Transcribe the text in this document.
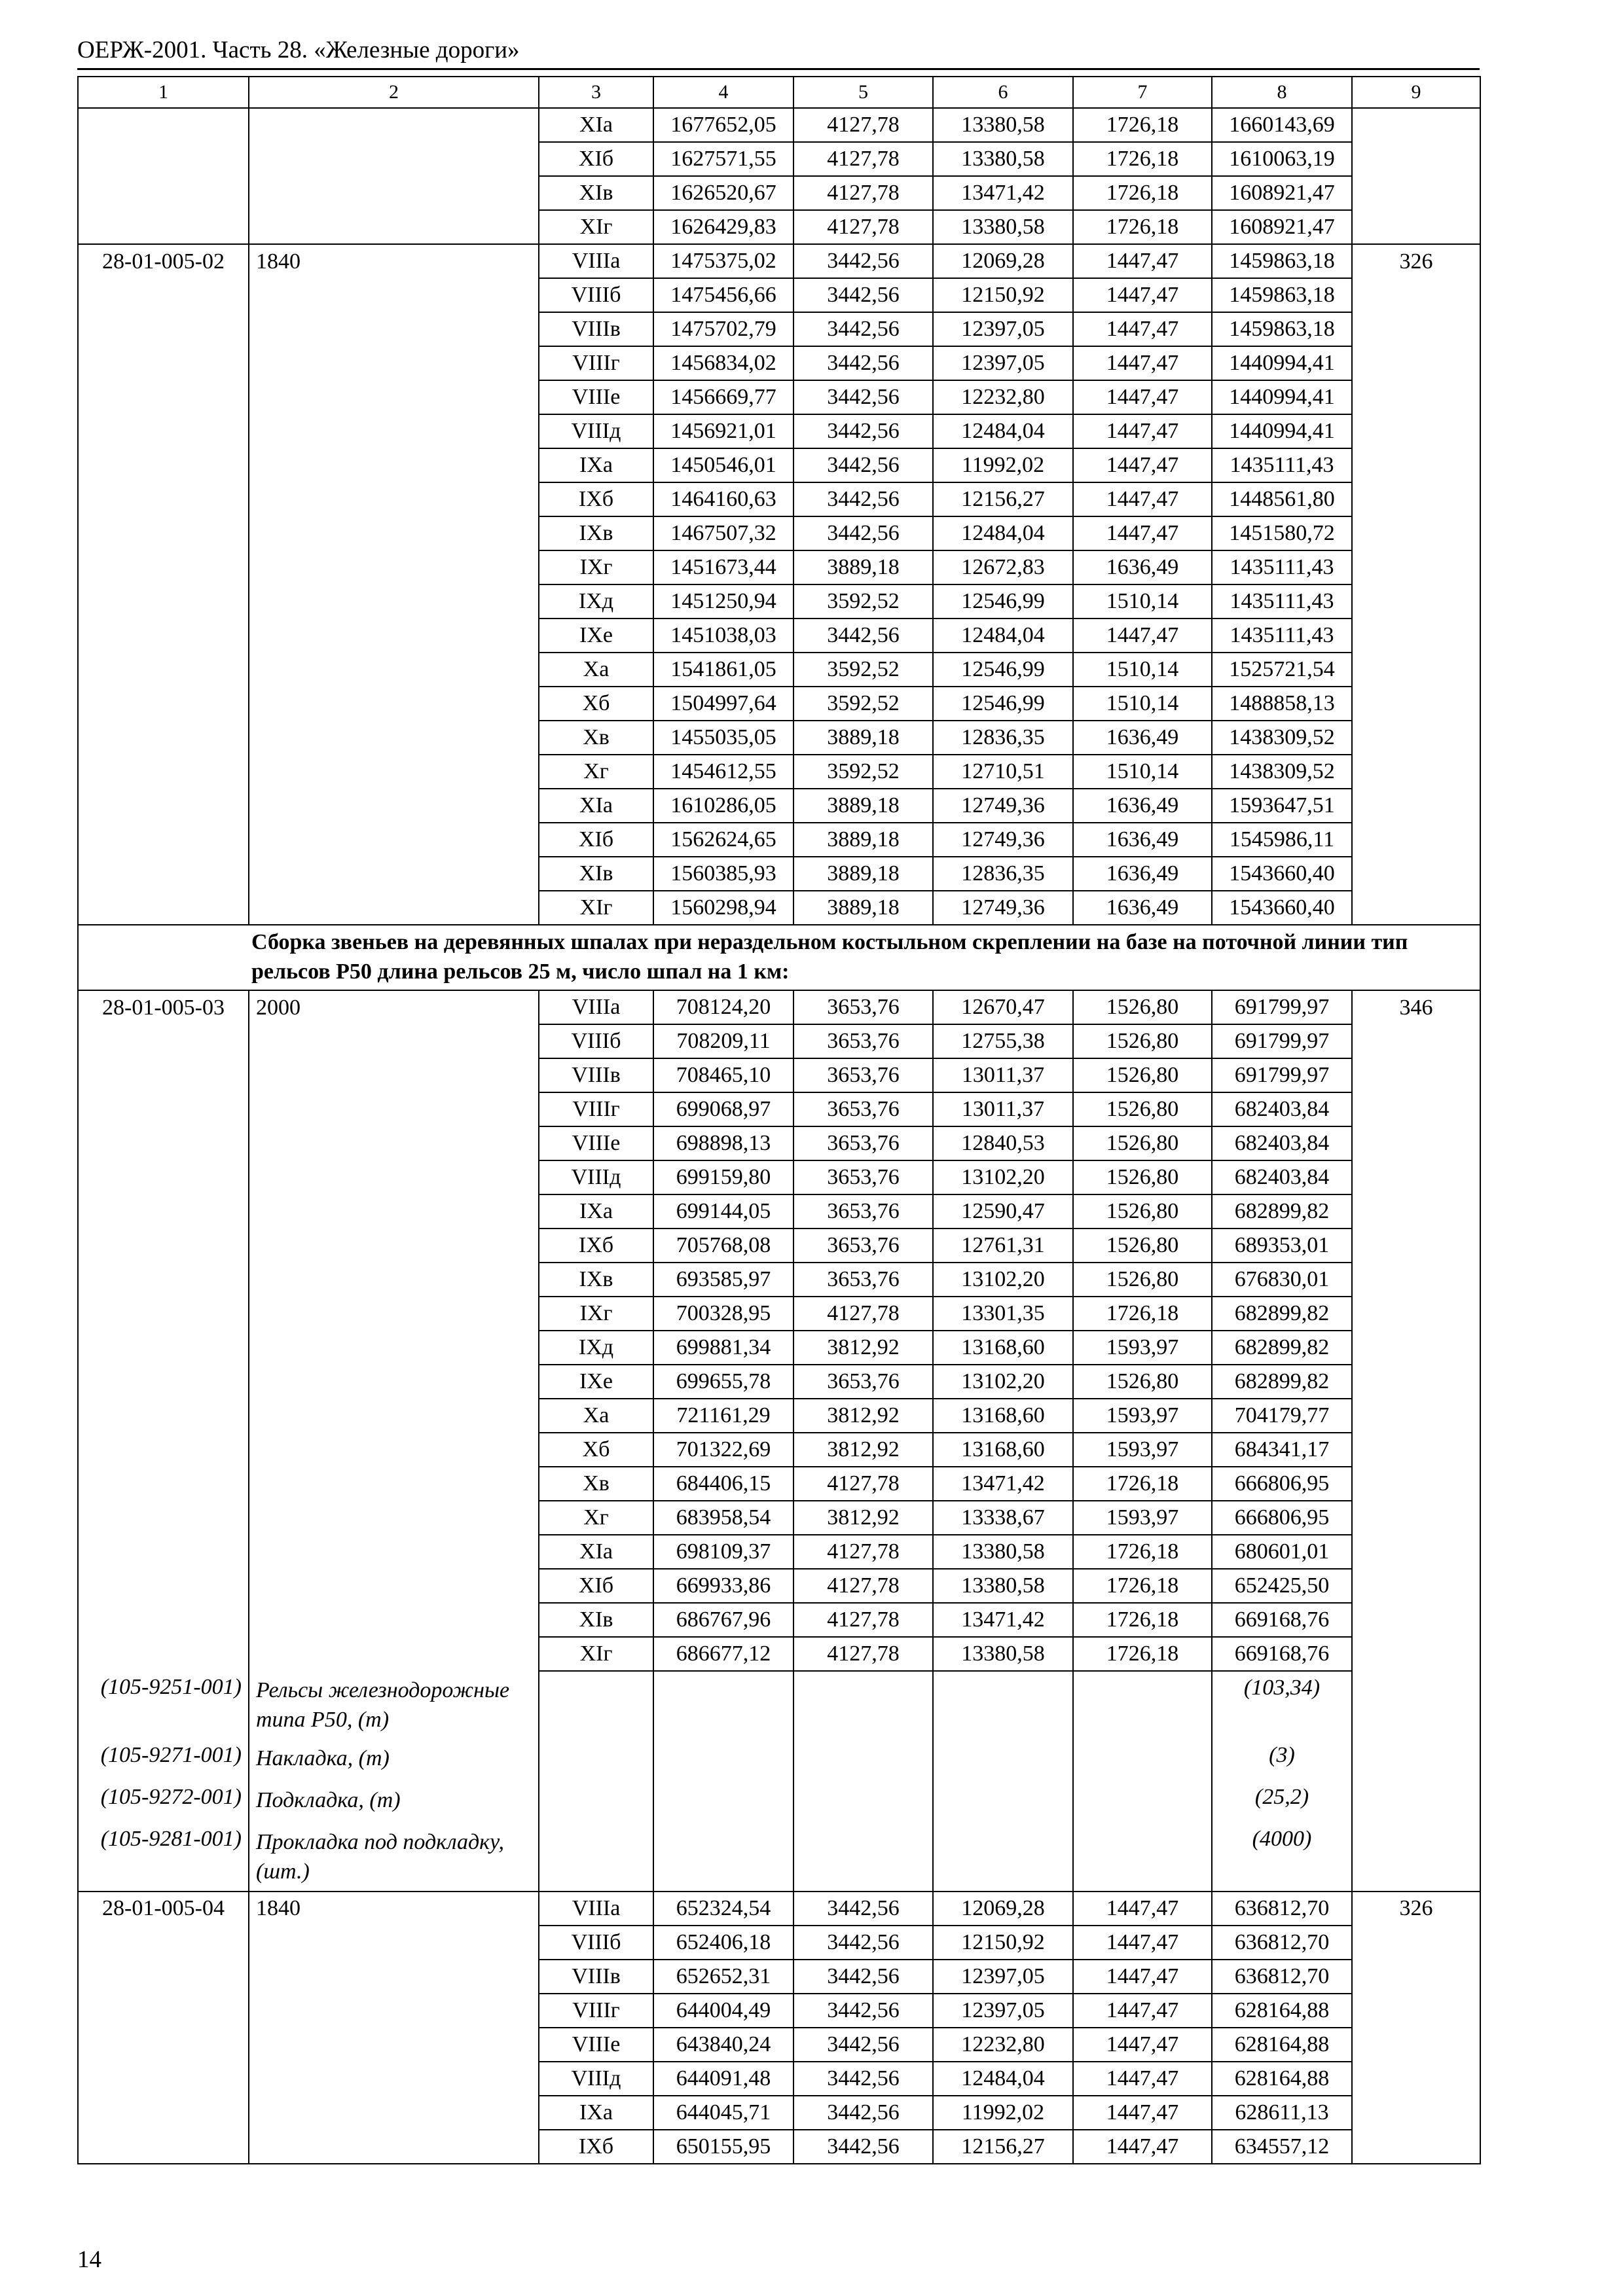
ОЕРЖ-2001. Часть 28. «Железные дороги»
1	2	3	4	5	6	7	8	9
		XIа	1677652,05	4127,78	13380,58	1726,18	1660143,69	
		XIб	1627571,55	4127,78	13380,58	1726,18	1610063,19	
		XIв	1626520,67	4127,78	13471,42	1726,18	1608921,47	
		XIг	1626429,83	4127,78	13380,58	1726,18	1608921,47	
28-01-005-02	1840	VIIIа	1475375,02	3442,56	12069,28	1447,47	1459863,18	326
		VIIIб	1475456,66	3442,56	12150,92	1447,47	1459863,18	
		VIIIв	1475702,79	3442,56	12397,05	1447,47	1459863,18	
		VIIIг	1456834,02	3442,56	12397,05	1447,47	1440994,41	
		VIIIе	1456669,77	3442,56	12232,80	1447,47	1440994,41	
		VIIIд	1456921,01	3442,56	12484,04	1447,47	1440994,41	
		IXа	1450546,01	3442,56	11992,02	1447,47	1435111,43	
		IXб	1464160,63	3442,56	12156,27	1447,47	1448561,80	
		IXв	1467507,32	3442,56	12484,04	1447,47	1451580,72	
		IXг	1451673,44	3889,18	12672,83	1636,49	1435111,43	
		IXд	1451250,94	3592,52	12546,99	1510,14	1435111,43	
		IXе	1451038,03	3442,56	12484,04	1447,47	1435111,43	
		Xа	1541861,05	3592,52	12546,99	1510,14	1525721,54	
		Xб	1504997,64	3592,52	12546,99	1510,14	1488858,13	
		Xв	1455035,05	3889,18	12836,35	1636,49	1438309,52	
		Xг	1454612,55	3592,52	12710,51	1510,14	1438309,52	
		XIа	1610286,05	3889,18	12749,36	1636,49	1593647,51	
		XIб	1562624,65	3889,18	12749,36	1636,49	1545986,11	
		XIв	1560385,93	3889,18	12836,35	1636,49	1543660,40	
		XIг	1560298,94	3889,18	12749,36	1636,49	1543660,40	
Сборка звеньев на деревянных шпалах при нераздельном костыльном скреплении на базе на поточной линии тип рельсов Р50 длина рельсов 25 м, число шпал на 1 км:								
28-01-005-03	2000	VIIIа	708124,20	3653,76	12670,47	1526,80	691799,97	346
		VIIIб	708209,11	3653,76	12755,38	1526,80	691799,97	
		VIIIв	708465,10	3653,76	13011,37	1526,80	691799,97	
		VIIIг	699068,97	3653,76	13011,37	1526,80	682403,84	
		VIIIе	698898,13	3653,76	12840,53	1526,80	682403,84	
		VIIIд	699159,80	3653,76	13102,20	1526,80	682403,84	
		IXа	699144,05	3653,76	12590,47	1526,80	682899,82	
		IXб	705768,08	3653,76	12761,31	1526,80	689353,01	
		IXв	693585,97	3653,76	13102,20	1526,80	676830,01	
		IXг	700328,95	4127,78	13301,35	1726,18	682899,82	
		IXд	699881,34	3812,92	13168,60	1593,97	682899,82	
		IXе	699655,78	3653,76	13102,20	1526,80	682899,82	
		Xа	721161,29	3812,92	13168,60	1593,97	704179,77	
		Xб	701322,69	3812,92	13168,60	1593,97	684341,17	
		Xв	684406,15	4127,78	13471,42	1726,18	666806,95	
		Xг	683958,54	3812,92	13338,67	1593,97	666806,95	
		XIа	698109,37	4127,78	13380,58	1726,18	680601,01	
		XIб	669933,86	4127,78	13380,58	1726,18	652425,50	
		XIв	686767,96	4127,78	13471,42	1726,18	669168,76	
		XIг	686677,12	4127,78	13380,58	1726,18	669168,76	
(105-9251-001)	Рельсы железнодорожные типа Р50, (т)						(103,34)	
(105-9271-001)	Накладка, (т)						(3)	
(105-9272-001)	Подкладка, (т)						(25,2)	
(105-9281-001)	Прокладка под подкладку, (шт.)						(4000)	
28-01-005-04	1840	VIIIа	652324,54	3442,56	12069,28	1447,47	636812,70	326
		VIIIб	652406,18	3442,56	12150,92	1447,47	636812,70	
		VIIIв	652652,31	3442,56	12397,05	1447,47	636812,70	
		VIIIг	644004,49	3442,56	12397,05	1447,47	628164,88	
		VIIIе	643840,24	3442,56	12232,80	1447,47	628164,88	
		VIIIд	644091,48	3442,56	12484,04	1447,47	628164,88	
		IXа	644045,71	3442,56	11992,02	1447,47	628611,13	
		IXб	650155,95	3442,56	12156,27	1447,47	634557,12	
14
